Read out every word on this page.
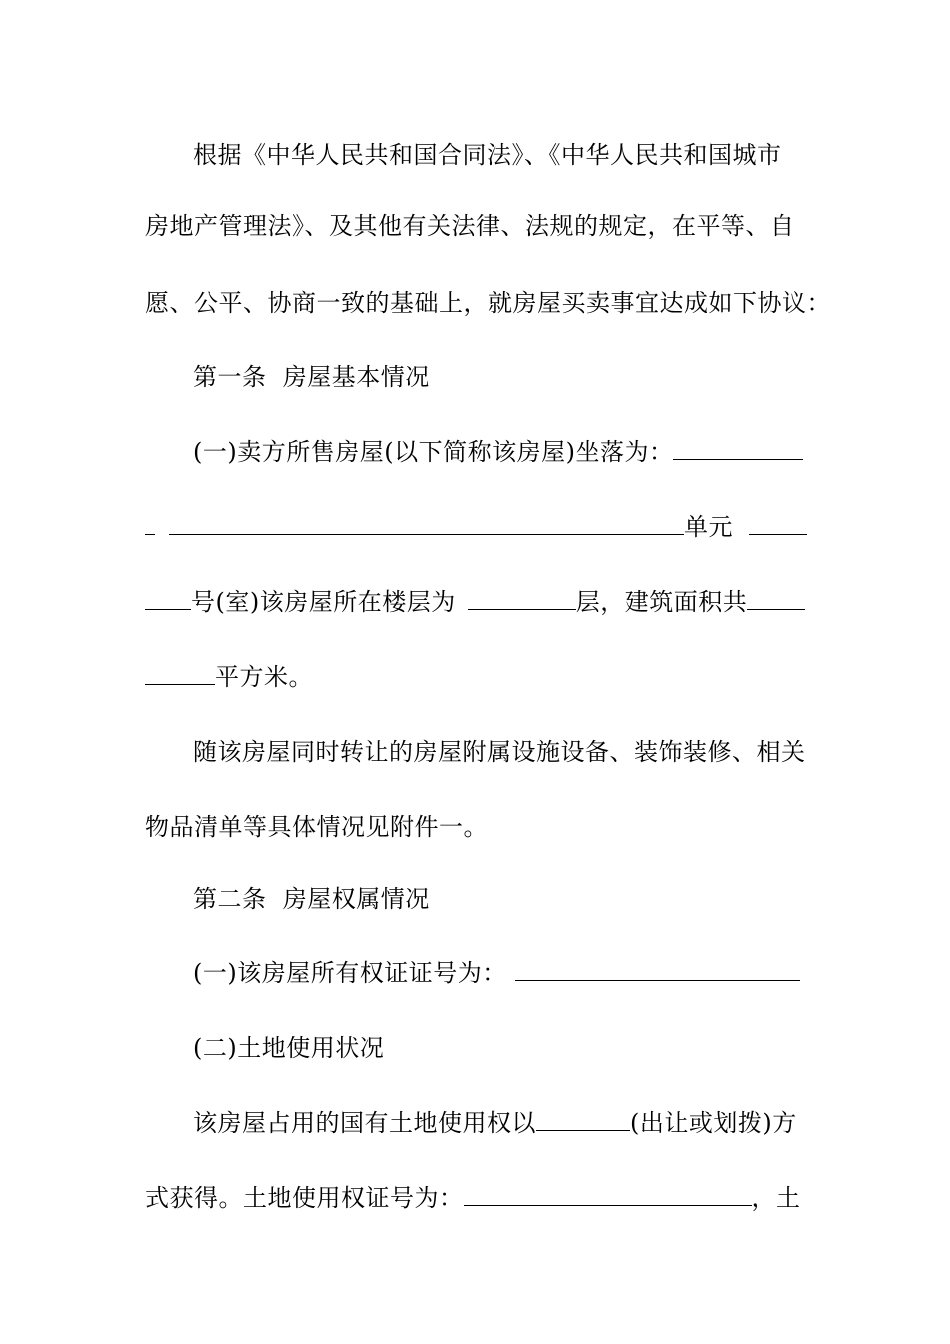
根据《中华人民共和国合同法》、《中华人民共和国城市
房地产管理法》、及其他有关法律、法规的规定，在平等、自
愿、公平、协商一致的基础上，就房屋买卖事宜达成如下协议：
第一条  房屋基本情况
(一)卖方所售房屋(以下简称该房屋)坐落为：
单元
号(室)该房屋所在楼层为	层，建筑面积共
平方米。
随该房屋同时转让的房屋附属设施设备、装饰装修、相关
物品清单等具体情况见附件一。
第二条  房屋权属情况
(一)该房屋所有权证证号为：
(二)土地使用状况
该房屋占用的国有土地使用权以	(出让或划拨)方
式获得。土地使用权证号为：	，土
